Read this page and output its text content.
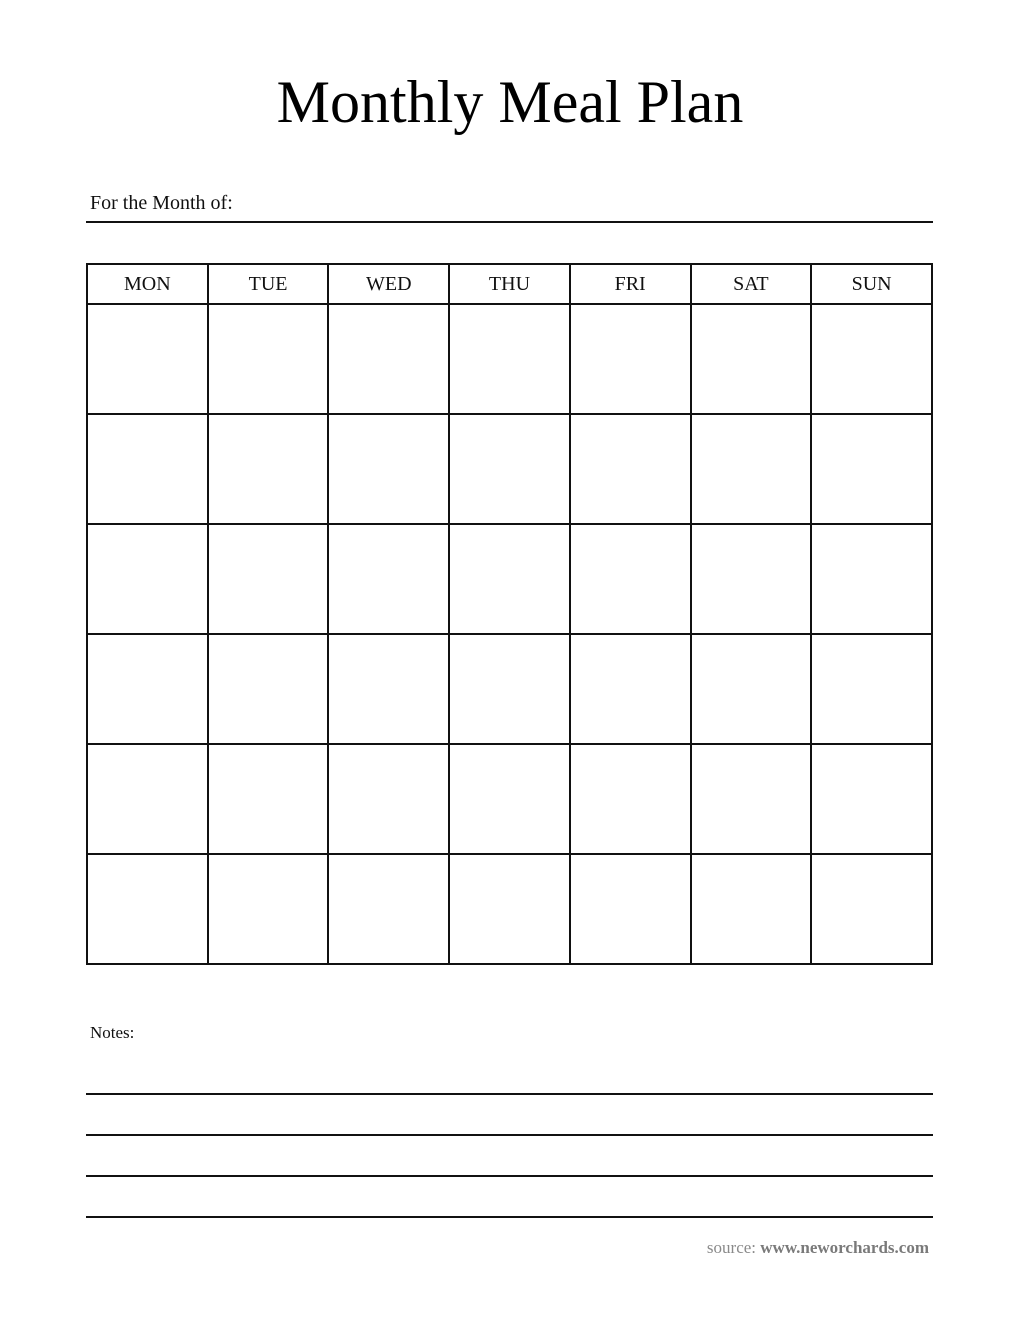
Monthly Meal Plan
For the Month of:
MON	TUE	WED	THU	FRI	SAT	SUN

Notes:
source: www.neworchards.com
